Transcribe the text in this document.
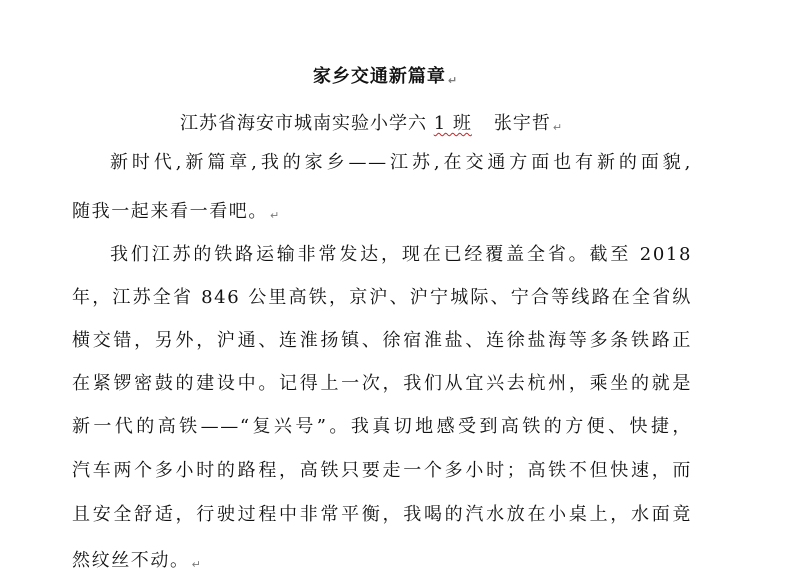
家乡交通新篇章 ↵
江苏省海安市城南实验小学六 1 班 张宇哲 ↵
新时代,新篇章,我的家乡——江苏,在交通方面也有新的面貌,
随我一起来看一看吧。 ↵
我们江苏的铁路运输非常发达，现在已经覆盖全省。截至 2018
年，江苏全省 846 公里高铁，京沪、沪宁城际、宁合等线路在全省纵
横交错，另外，沪通、连淮扬镇、徐宿淮盐、连徐盐海等多条铁路正
在紧锣密鼓的建设中。记得上一次，我们从宜兴去杭州，乘坐的就是
新一代的高铁——“复兴号”。我真切地感受到高铁的方便、快捷，
汽车两个多小时的路程，高铁只要走一个多小时；高铁不但快速，而
且安全舒适，行驶过程中非常平衡，我喝的汽水放在小桌上，水面竟
然纹丝不动。 ↵
